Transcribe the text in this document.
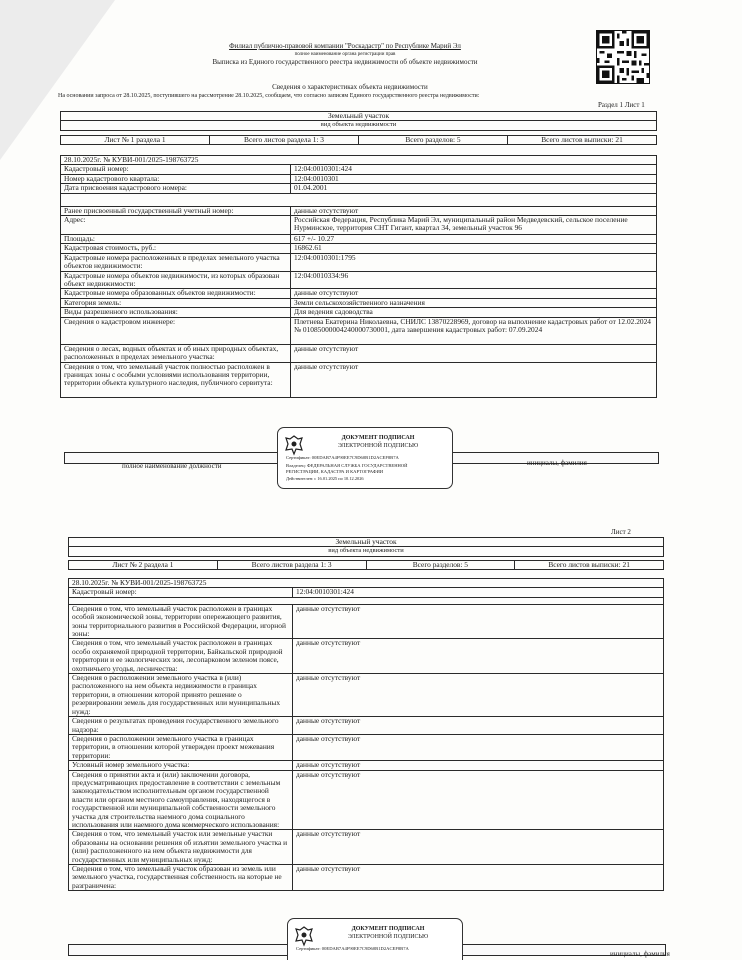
Филиал публично-правовой компании "Роскадастр" по Республике Марий Эл
полное наименование органа регистрации прав
Выписка из Единого государственного реестра недвижимости об объекте недвижимости
Сведения о характеристиках объекта недвижимости
На основании запроса от 28.10.2025, поступившего на рассмотрение 28.10.2025, сообщаем, что согласно записям Единого государственного реестра недвижимости:
Раздел 1 Лист 1
Земельный участок
вид объекта недвижимости

Лист № 1 раздела 1	Всего листов раздела 1: 3	Всего разделов: 5	Всего листов выписки: 21
28.10.2025г. № КУВИ-001/2025-198763725	
Кадастровый номер:	12:04:0010301:424
Номер кадастрового квартала:	12:04:0010301
Дата присвоения кадастрового номера:	01.04.2001

Ранее присвоенный государственный учетный номер:	данные отсутствуют
Адрес:	Российская Федерация, Республика Марий Эл, муниципальный район Медведевский, сельское поселение Нурминское, территория СНТ Гигант, квартал 34, земельный участок 96
Площадь:	617 +/- 10.27
Кадастровая стоимость, руб.:	16862.61
Кадастровые номера расположенных в пределах земельного участка объектов недвижимости:	12:04:0010301:1795
Кадастровые номера объектов недвижимости, из которых образован объект недвижимости:	12:04:0010334:96
Кадастровые номера образованных объектов недвижимости:	данные отсутствуют
Категория земель:	Земли сельскохозяйственного назначения
Виды разрешенного использования:	Для ведения садоводства
Сведения о кадастровом инженере:	Плетнева Екатерина Николаевна, СНИЛС 13870228969, договор на выполнение кадастровых работ от 12.02.2024 № 01085000004240000730001, дата завершения кадастровых работ: 07.09.2024
Сведения о лесах, водных объектах и об иных природных объектах, расположенных в пределах земельного участка:	данные отсутствуют
Сведения о том, что земельный участок полностью расположен в границах зоны с особыми условиями использования территории, территории объекта культурного наследия, публичного сервитута:	данные отсутствуют
полное наименование должности	инициалы, фамилия
ДОКУМЕНТ ПОДПИСАН
ЭЛЕКТРОННОЙ ПОДПИСЬЮ
Сертификат: 00EDAB7A4F90EE7C9D60B1D2ACEF8B7A
Владелец: ФЕДЕРАЛЬНАЯ СЛУЖБА ГОСУДАРСТВЕННОЙ
РЕГИСТРАЦИИ, КАДАСТРА И КАРТОГРАФИИ
Действителен: с 16.01.2025 по 10.12.2026
Лист 2
Земельный участок
вид объекта недвижимости

Лист № 2 раздела 1	Всего листов раздела 1: 3	Всего разделов: 5	Всего листов выписки: 21
28.10.2025г. № КУВИ-001/2025-198763725	
Кадастровый номер:	12:04:0010301:424

Сведения о том, что земельный участок расположен в границах особой экономической зоны, территории опережающего развития, зоны территориального развития в Российской Федерации, игорной зоны:	данные отсутствуют
Сведения о том, что земельный участок расположен в границах особо охраняемой природной территории, Байкальской природной территории и ее экологических зон, лесопарковом зеленом поясе, охотничьего угодья, лесничества:	данные отсутствуют
Сведения о расположении земельного участка в (или) расположенного на нем объекта недвижимости в границах территории, в отношении которой принято решение о резервировании земель для государственных или муниципальных нужд:	данные отсутствуют
Сведения о результатах проведения государственного земельного надзора:	данные отсутствуют
Сведения о расположении земельного участка в границах территории, в отношении которой утвержден проект межевания территории:	данные отсутствуют
Условный номер земельного участка:	данные отсутствуют
Сведения о принятии акта и (или) заключении договора, предусматривающих предоставление в соответствии с земельным законодательством исполнительным органом государственной власти или органом местного самоуправления, находящегося в государственной или муниципальной собственности земельного участка для строительства наемного дома социального использования или наемного дома коммерческого использования:	данные отсутствуют
Сведения о том, что земельный участок или земельные участки образованы на основании решения об изъятии земельного участка и (или) расположенного на нем объекта недвижимости для государственных или муниципальных нужд:	данные отсутствуют
Сведения о том, что земельный участок образован из земель или земельного участка, государственная собственность на которые не разграничена:	данные отсутствуют
инициалы, фамилия
ДОКУМЕНТ ПОДПИСАН
ЭЛЕКТРОННОЙ ПОДПИСЬЮ
Сертификат: 00EDAB7A4F90EE7C9D60B1D2ACEF8B7A
